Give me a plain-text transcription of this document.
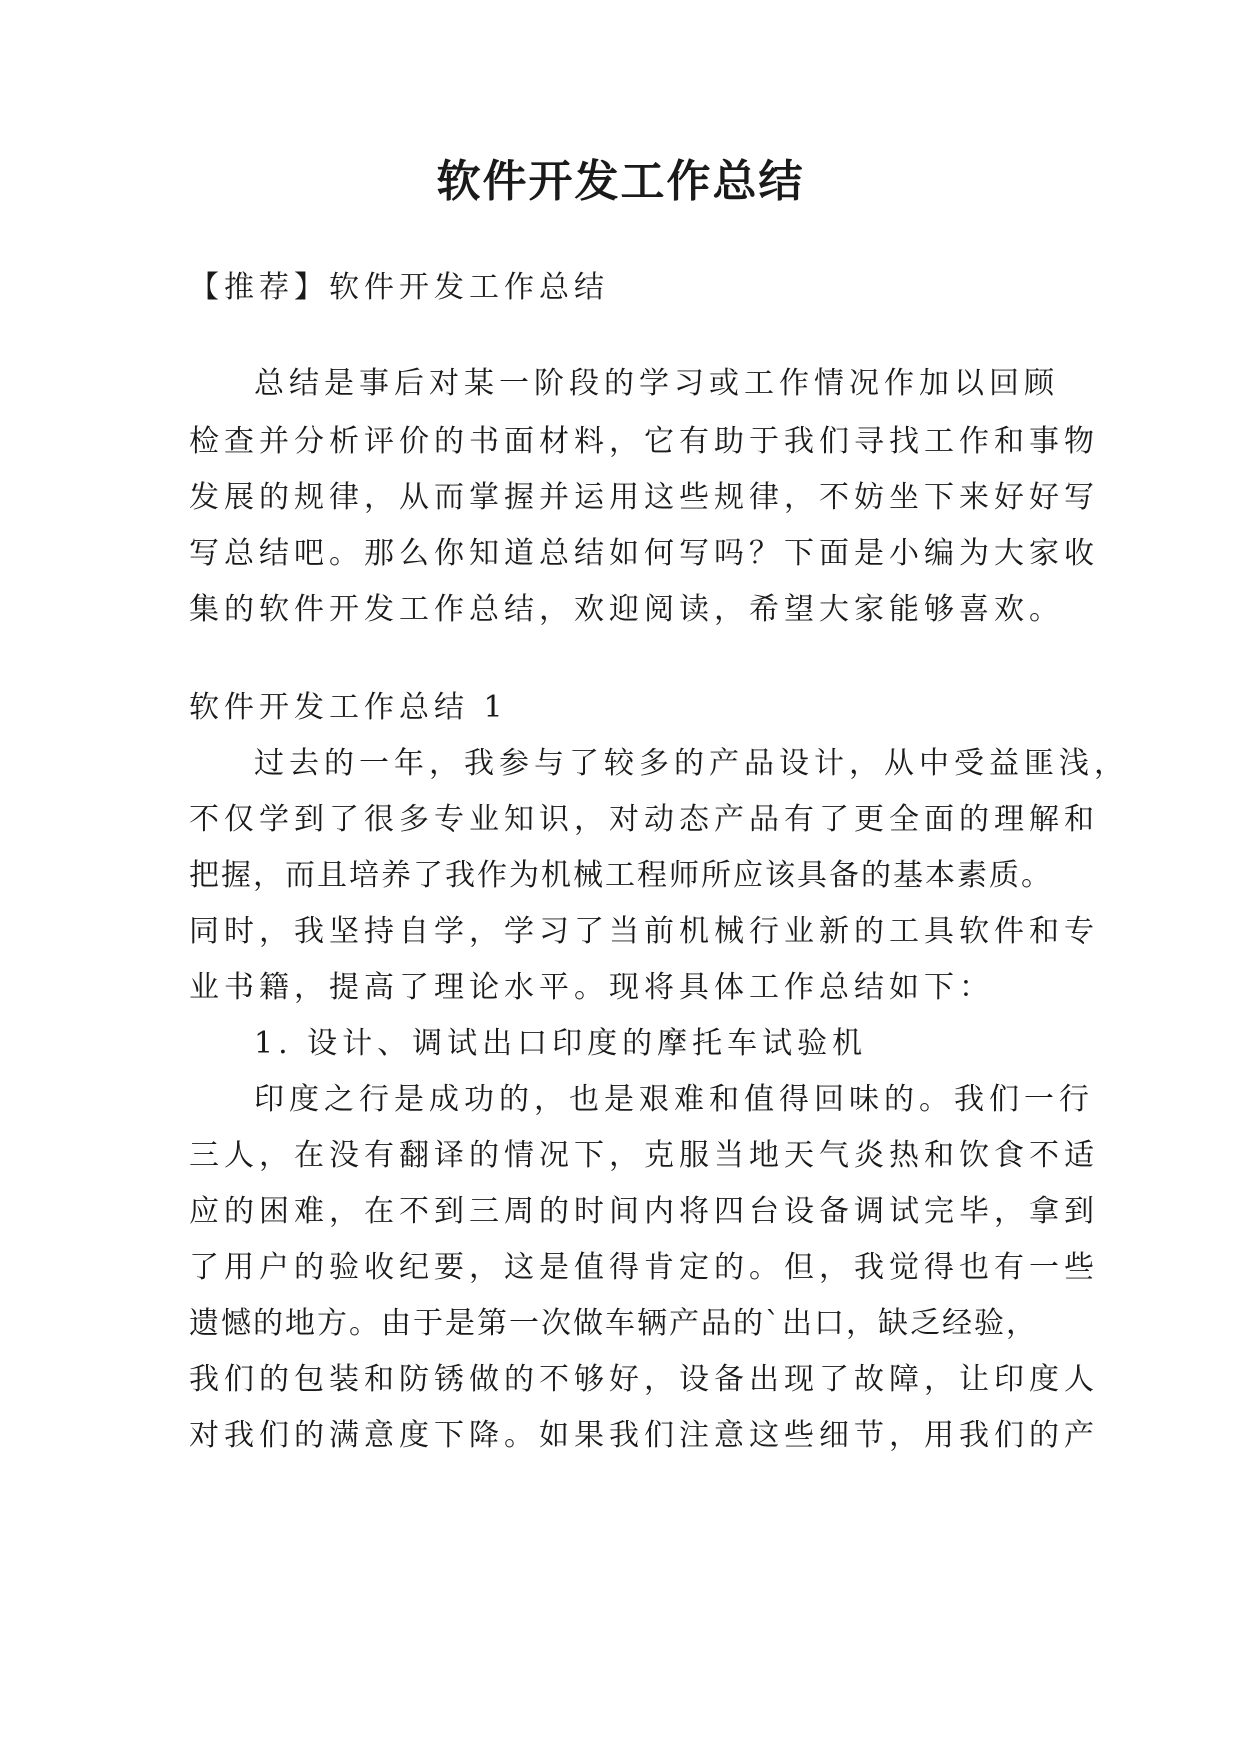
软件开发工作总结
【推荐】软件开发工作总结
总结是事后对某一阶段的学习或工作情况作加以回顾
检查并分析评价的书面材料，它有助于我们寻找工作和事物
发展的规律，从而掌握并运用这些规律，不妨坐下来好好写
写总结吧。那么你知道总结如何写吗？下面是小编为大家收
集的软件开发工作总结，欢迎阅读，希望大家能够喜欢。
软件开发工作总结 1
过去的一年，我参与了较多的产品设计，从中受益匪浅，
不仅学到了很多专业知识，对动态产品有了更全面的理解和
把握，而且培养了我作为机械工程师所应该具备的基本素质。
同时，我坚持自学，学习了当前机械行业新的工具软件和专
业书籍，提高了理论水平。现将具体工作总结如下：
1. 设计、调试出口印度的摩托车试验机
印度之行是成功的，也是艰难和值得回味的。我们一行
三人，在没有翻译的情况下，克服当地天气炎热和饮食不适
应的困难，在不到三周的时间内将四台设备调试完毕，拿到
了用户的验收纪要，这是值得肯定的。但，我觉得也有一些
遗憾的地方。由于是第一次做车辆产品的`出口，缺乏经验，
我们的包装和防锈做的不够好，设备出现了故障，让印度人
对我们的满意度下降。如果我们注意这些细节，用我们的产
